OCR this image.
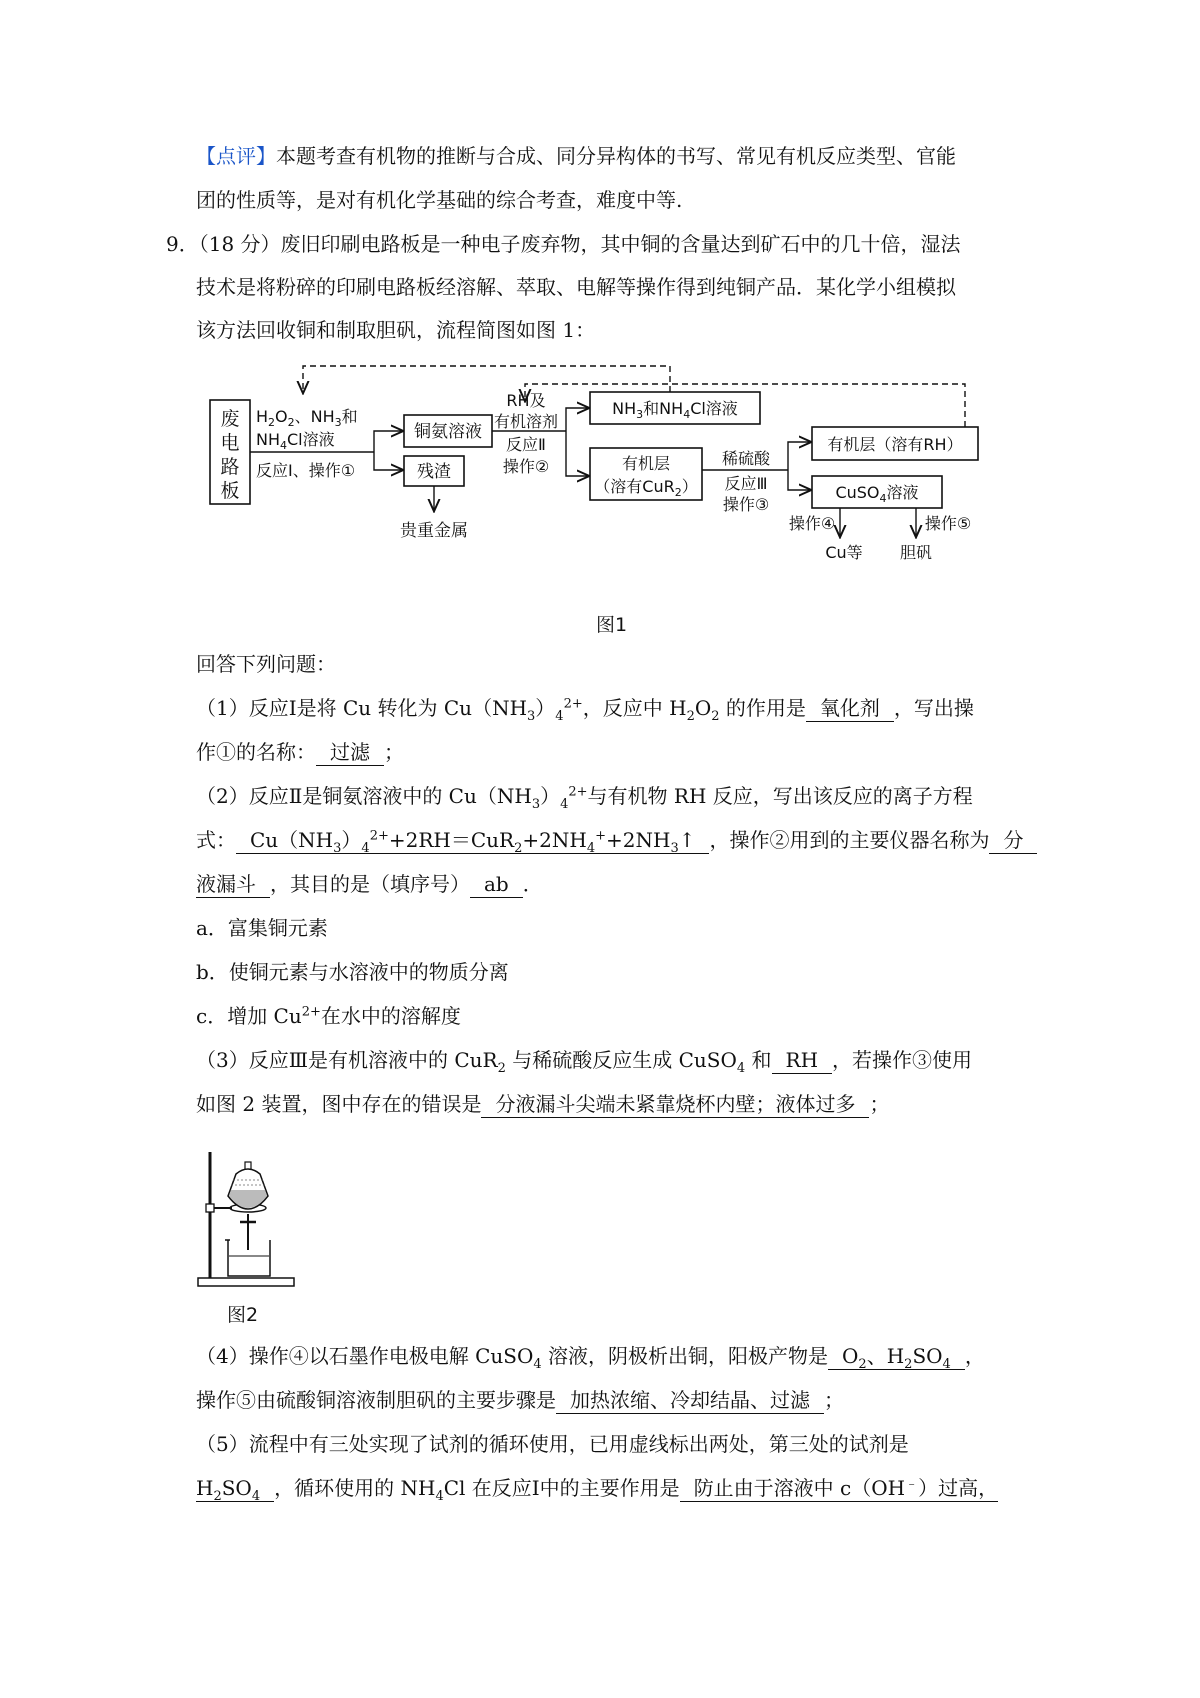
【点评】本题考查有机物的推断与合成、同分异构体的书写、常见有机反应类型、官能
团的性质等，是对有机化学基础的综合考查，难度中等.
9．（18 分）废旧印刷电路板是一种电子废弃物，其中铜的含量达到矿石中的几十倍，湿法
技术是将粉碎的印刷电路板经溶解、萃取、电解等操作得到纯铜产品．某化学小组模拟
该方法回收铜和制取胆矾，流程简图如图 1：
废
电
路
板
$H_2O_2$、$NH_3$和
$NH_4Cl$溶液
反应Ⅰ、操作①
铜氨溶液
残渣
贵重金属
RH及
有机溶剂
反应Ⅱ
操作②
$NH_3$和$NH_4Cl$溶液
有机层
（溶有CuR$_2$）
稀硫酸
反应Ⅲ
操作③
有机层（溶有RH）
CuSO$_4$溶液
操作④
Cu等
操作⑤
胆矾
图1
回答下列问题：
（1）反应Ⅰ是将 Cu 转化为 $Cu(NH_3)_4^{2+}$，反应中 $H_2O_2$ 的作用是 氧化剂 ，写出操
作①的名称： 过滤 ；
（2）反应Ⅱ是铜氨溶液中的 $Cu(NH_3)_4^{2+}$与有机物 RH 反应，写出该反应的离子方程
式： $Cu(NH_3)_4^{2+}+2RH=CuR_2+2NH_4^++2NH_3↑$ ，操作②用到的主要仪器名称为 分
液漏斗 ，其目的是（填序号） ab ．
a．富集铜元素
b．使铜元素与水溶液中的物质分离
c．增加 $Cu^{2+}$在水中的溶解度
（3）反应Ⅲ是有机溶液中的 CuR$_2$ 与稀硫酸反应生成 CuSO$_4$ 和 RH ，若操作③使用
如图 2 装置，图中存在的错误是 分液漏斗尖端未紧靠烧杯内壁；液体过多 ；
图2
（4）操作④以石墨作电极电解 CuSO$_4$ 溶液，阴极析出铜，阳极产物是 $O_2$、$H_2SO_4$ ，
操作⑤由硫酸铜溶液制胆矾的主要步骤是 加热浓缩、冷却结晶、过滤 ；
（5）流程中有三处实现了试剂的循环使用，已用虚线标出两处，第三处的试剂是
$H_2SO_4$ ，循环使用的 $NH_4Cl$ 在反应Ⅰ中的主要作用是 防止由于溶液中 c（OH﹣）过高，
